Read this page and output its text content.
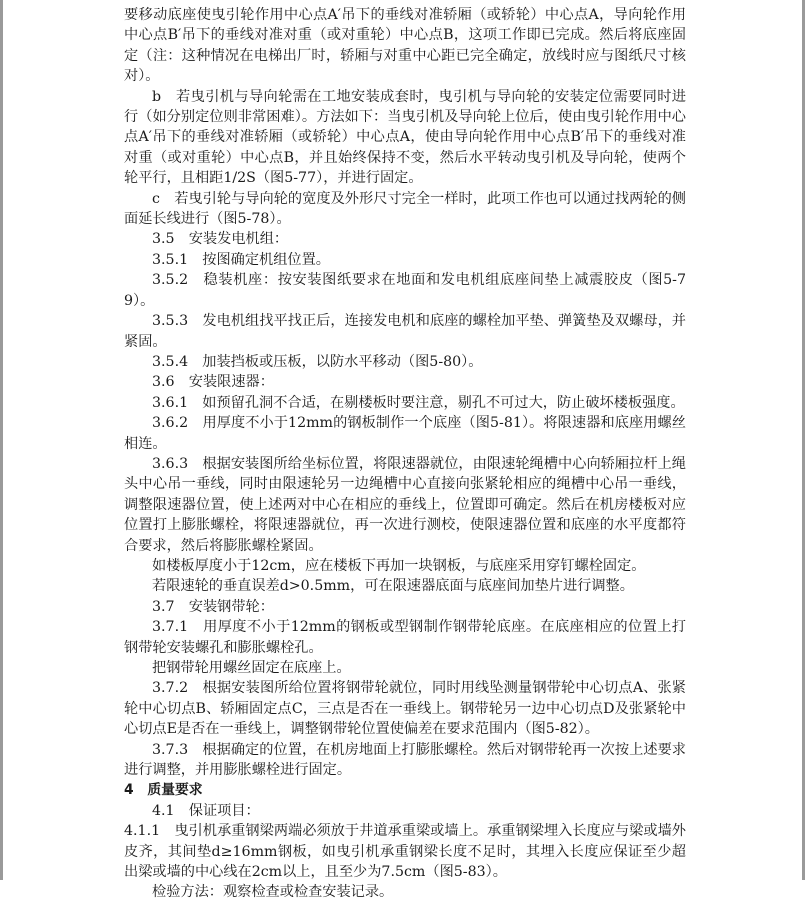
要移动底座使曳引轮作用中心点A′吊下的垂线对准轿厢（或轿轮）中心点A，导向轮作用中心点B′吊下的垂线对准对重（或对重轮）中心点B，这项工作即已完成。然后将底座固定（注：这种情况在电梯出厂时，轿厢与对重中心距已完全确定，放线时应与图纸尺寸核对）。

b　若曳引机与导向轮需在工地安装成套时，曳引机与导向轮的安装定位需要同时进行（如分别定位则非常困难）。方法如下：当曳引机及导向轮上位后，使由曳引轮作用中心点A′吊下的垂线对准轿厢（或轿轮）中心点A，使由导向轮作用中心点B′吊下的垂线对准对重（或对重轮）中心点B，并且始终保持不变，然后水平转动曳引机及导向轮，使两个轮平行，且相距1/2S（图5-77），并进行固定。

c　若曳引轮与导向轮的宽度及外形尺寸完全一样时，此项工作也可以通过找两轮的侧面延长线进行（图5-78）。

3.5　安装发电机组：

3.5.1　按图确定机组位置。

3.5.2　稳装机座：按安装图纸要求在地面和发电机组底座间垫上减震胶皮（图5-79）。

3.5.3　发电机组找平找正后，连接发电机和底座的螺栓加平垫、弹簧垫及双螺母，并紧固。

3.5.4　加装挡板或压板，以防水平移动（图5-80）。

3.6　安装限速器：

3.6.1　如预留孔洞不合适，在剔楼板时要注意，剔孔不可过大，防止破坏楼板强度。

3.6.2　用厚度不小于12mm的钢板制作一个底座（图5-81）。将限速器和底座用螺丝相连。

3.6.3　根据安装图所给坐标位置，将限速器就位，由限速轮绳槽中心向轿厢拉杆上绳头中心吊一垂线，同时由限速轮另一边绳槽中心直接向张紧轮相应的绳槽中心吊一垂线，调整限速器位置，使上述两对中心在相应的垂线上，位置即可确定。然后在机房楼板对应位置打上膨胀螺栓，将限速器就位，再一次进行测校，使限速器位置和底座的水平度都符合要求，然后将膨胀螺栓紧固。

如楼板厚度小于12cm，应在楼板下再加一块钢板，与底座采用穿钉螺栓固定。

若限速轮的垂直误差d>0.5mm，可在限速器底面与底座间加垫片进行调整。

3.7　安装钢带轮：

3.7.1　用厚度不小于12mm的钢板或型钢制作钢带轮底座。在底座相应的位置上打钢带轮安装螺孔和膨胀螺栓孔。

把钢带轮用螺丝固定在底座上。

3.7.2　根据安装图所给位置将钢带轮就位，同时用线坠测量钢带轮中心切点A、张紧轮中心切点B、轿厢固定点C，三点是否在一垂线上。钢带轮另一边中心切点D及张紧轮中心切点E是否在一垂线上，调整钢带轮位置使偏差在要求范围内（图5-82）。

3.7.3　根据确定的位置，在机房地面上打膨胀螺栓。然后对钢带轮再一次按上述要求进行调整，并用膨胀螺栓进行固定。

4　质量要求

4.1　保证项目：

4.1.1　曳引机承重钢梁两端必须放于井道承重梁或墙上。承重钢梁埋入长度应与梁或墙外皮齐，其间垫d≥16mm钢板，如曳引机承重钢梁长度不足时，其埋入长度应保证至少超出梁或墙的中心线在2cm以上，且至少为7.5cm（图5-83）。

检验方法：观察检查或检查安装记录。
